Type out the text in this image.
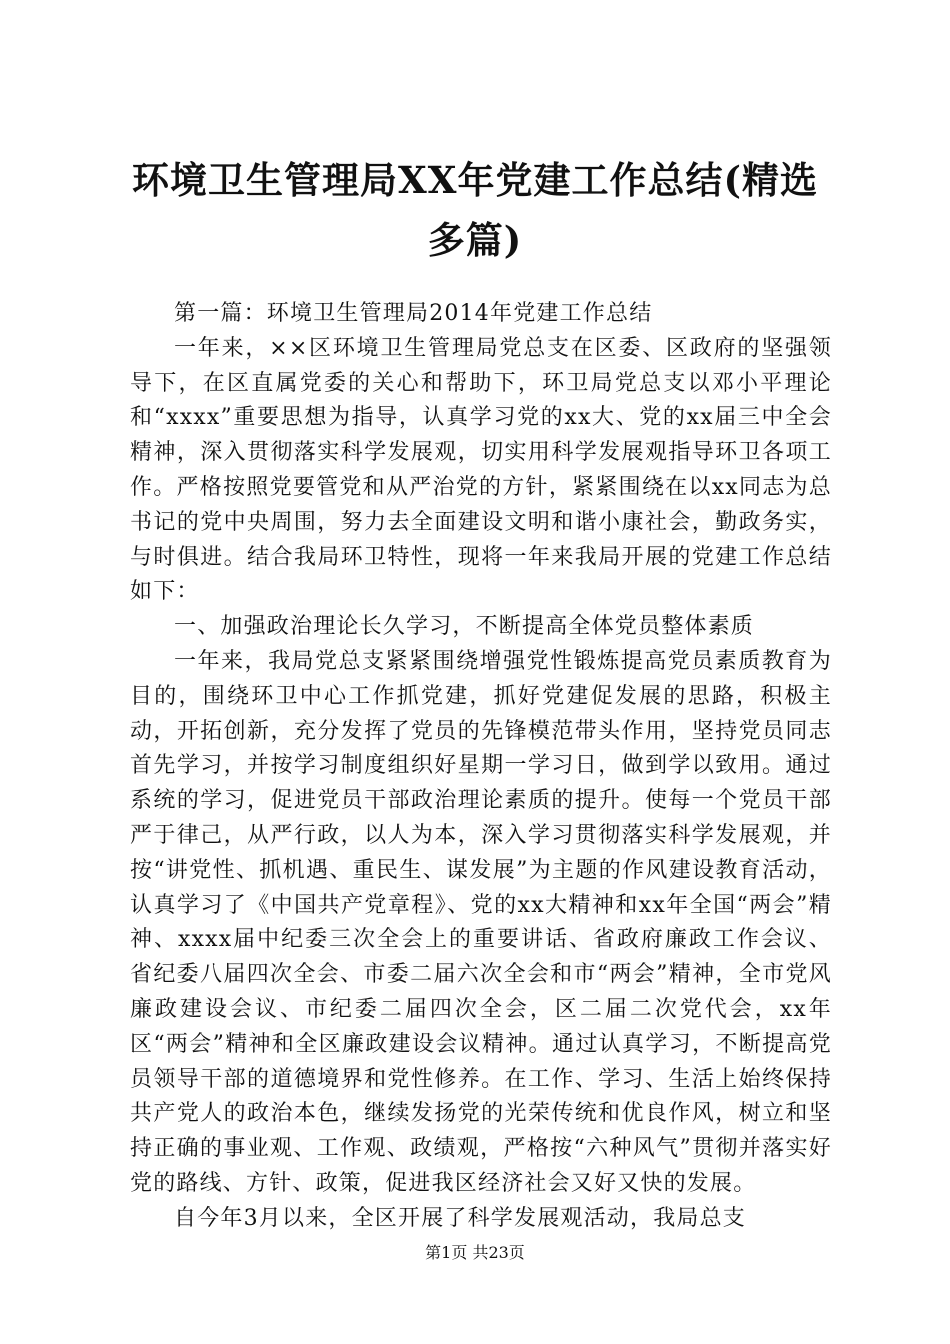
环境卫生管理局XX年党建工作总结(精选多篇)

第一篇：环境卫生管理局2014年党建工作总结

一年来，××区环境卫生管理局党总支在区委、区政府的坚强领导下，在区直属党委的关心和帮助下，环卫局党总支以邓小平理论和“xxxx”重要思想为指导，认真学习党的xx大、党的xx届三中全会精神，深入贯彻落实科学发展观，切实用科学发展观指导环卫各项工作。严格按照党要管党和从严治党的方针，紧紧围绕在以xx同志为总书记的党中央周围，努力去全面建设文明和谐小康社会，勤政务实，与时俱进。结合我局环卫特性，现将一年来我局开展的党建工作总结如下：

一、加强政治理论长久学习，不断提高全体党员整体素质

一年来，我局党总支紧紧围绕增强党性锻炼提高党员素质教育为目的，围绕环卫中心工作抓党建，抓好党建促发展的思路，积极主动，开拓创新，充分发挥了党员的先锋模范带头作用，坚持党员同志首先学习，并按学习制度组织好星期一学习日，做到学以致用。通过系统的学习，促进党员干部政治理论素质的提升。使每一个党员干部严于律己，从严行政，以人为本，深入学习贯彻落实科学发展观，并按“讲党性、抓机遇、重民生、谋发展”为主题的作风建设教育活动，认真学习了《中国共产党章程》、党的xx大精神和xx年全国“两会”精神、xxxx届中纪委三次全会上的重要讲话、省政府廉政工作会议、省纪委八届四次全会、市委二届六次全会和市“两会”精神，全市党风廉政建设会议、市纪委二届四次全会，区二届二次党代会，xx年区“两会”精神和全区廉政建设会议精神。通过认真学习，不断提高党员领导干部的道德境界和党性修养。在工作、学习、生活上始终保持共产党人的政治本色，继续发扬党的光荣传统和优良作风，树立和坚持正确的事业观、工作观、政绩观，严格按“六种风气”贯彻并落实好党的路线、方针、政策，促进我区经济社会又好又快的发展。

自今年3月以来，全区开展了科学发展观活动，我局总支

第1页 共23页
